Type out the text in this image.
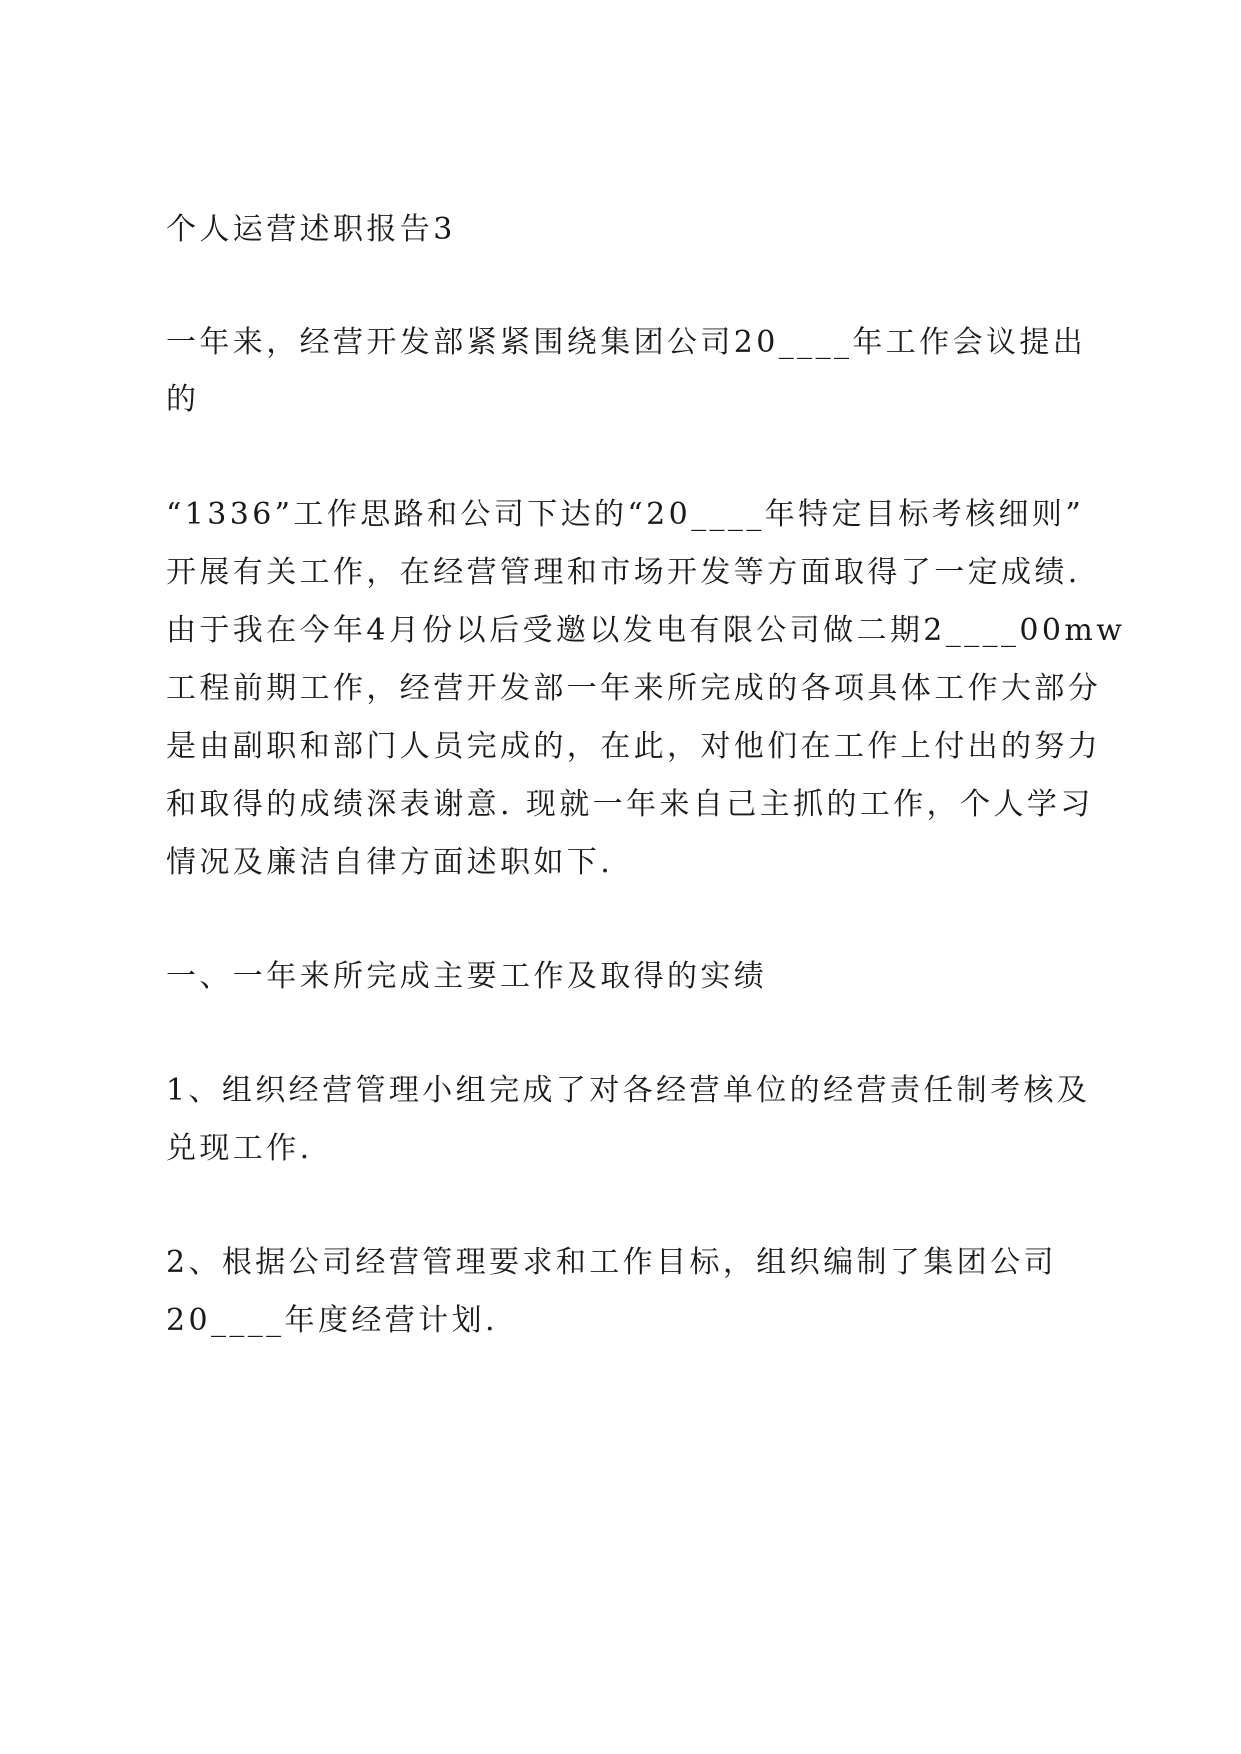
个人运营述职报告3
一年来，经营开发部紧紧围绕集团公司20____年工作会议提出
的
“1336”工作思路和公司下达的“20____年特定目标考核细则”
开展有关工作，在经营管理和市场开发等方面取得了一定成绩.
由于我在今年4月份以后受邀以发电有限公司做二期2____00mw
工程前期工作，经营开发部一年来所完成的各项具体工作大部分
是由副职和部门人员完成的，在此，对他们在工作上付出的努力
和取得的成绩深表谢意. 现就一年来自己主抓的工作，个人学习
情况及廉洁自律方面述职如下.
一、一年来所完成主要工作及取得的实绩
1、组织经营管理小组完成了对各经营单位的经营责任制考核及
兑现工作.
2、根据公司经营管理要求和工作目标，组织编制了集团公司
20____年度经营计划.
